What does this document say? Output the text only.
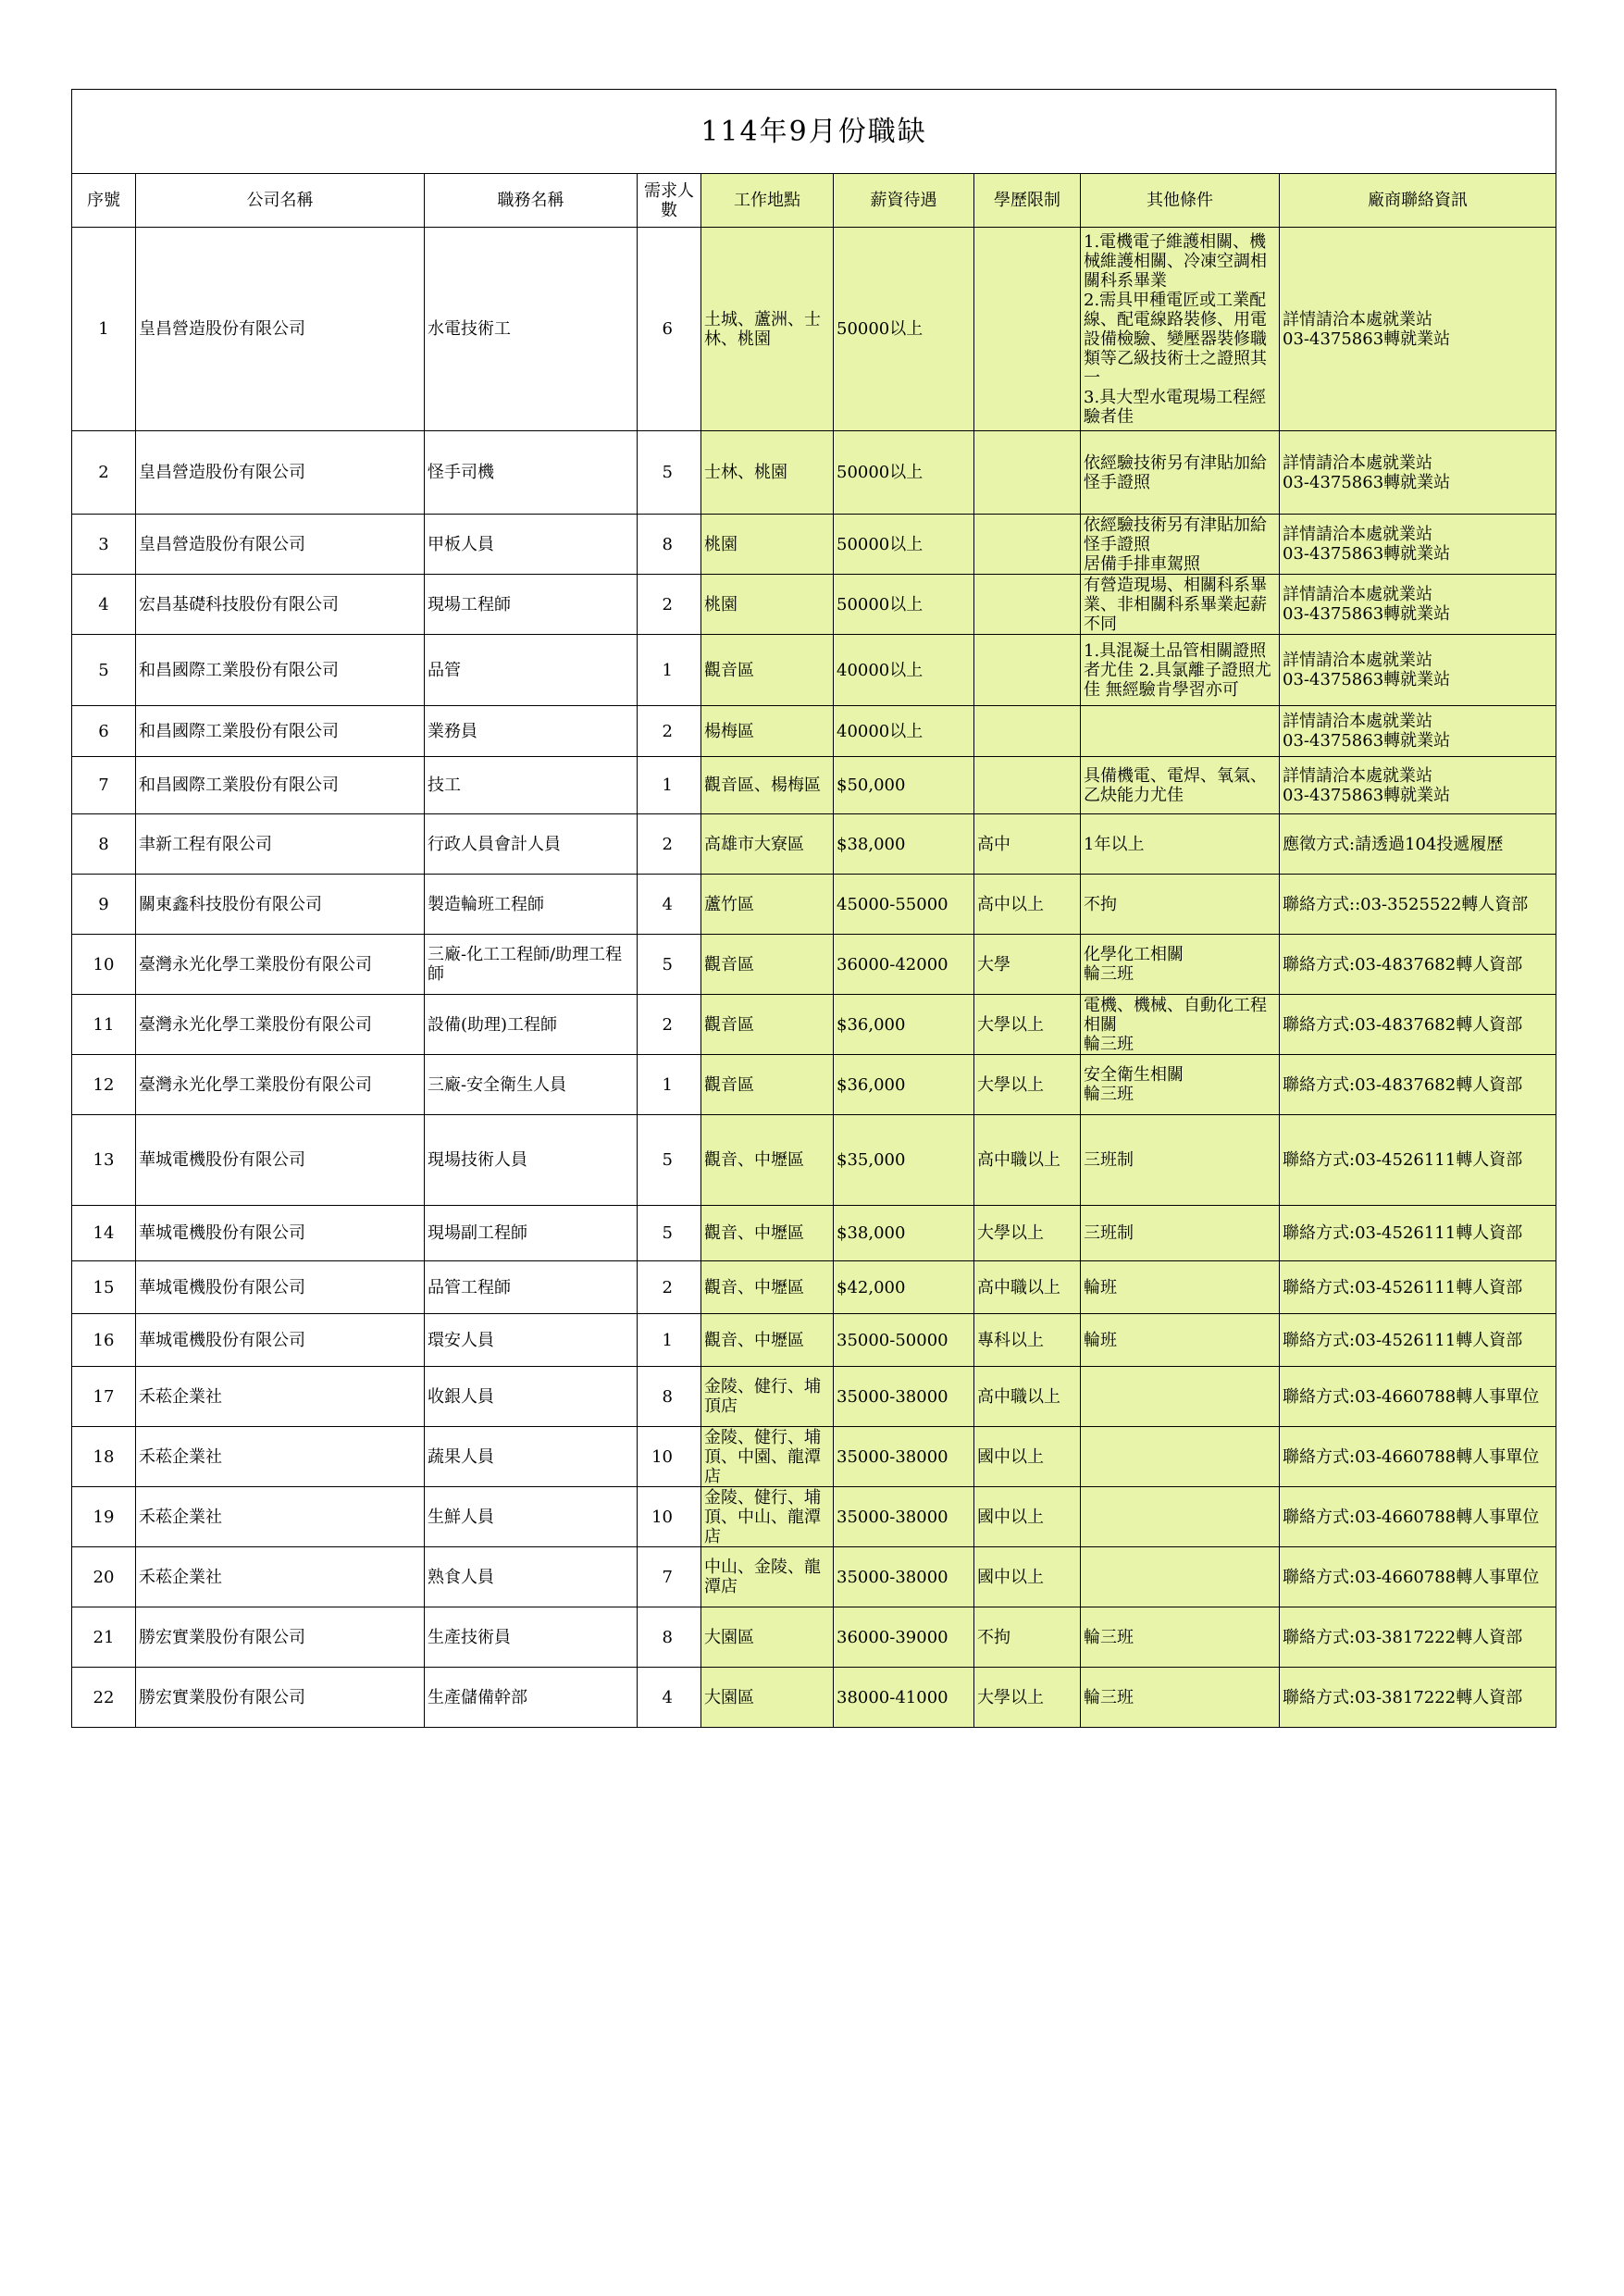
114年9月份職缺								
序號	公司名稱	職務名稱	需求人數	工作地點	薪資待遇	學歷限制	其他條件	廠商聯絡資訊
1	皇昌營造股份有限公司	水電技術工	6	土城、蘆洲、士林、桃園	50000以上		1.電機電子維護相關、機械維護相關、冷凍空調相關科系畢業
2.需具甲種電匠或工業配線、配電線路裝修、用電設備檢驗、變壓器裝修職類等乙級技術士之證照其一
3.具大型水電現場工程經驗者佳	詳情請洽本處就業站
03-4375863轉就業站
2	皇昌營造股份有限公司	怪手司機	5	士林、桃園	50000以上		依經驗技術另有津貼加給
怪手證照	詳情請洽本處就業站
03-4375863轉就業站
3	皇昌營造股份有限公司	甲板人員	8	桃園	50000以上		依經驗技術另有津貼加給 怪手證照
居備手排車駕照	詳情請洽本處就業站
03-4375863轉就業站
4	宏昌基礎科技股份有限公司	現場工程師	2	桃園	50000以上		有營造現場、相關科系畢業、非相關科系畢業起薪不同	詳情請洽本處就業站
03-4375863轉就業站
5	和昌國際工業股份有限公司	品管	1	觀音區	40000以上		1.具混凝土品管相關證照者尤佳 2.具氯離子證照尤佳 無經驗肯學習亦可	詳情請洽本處就業站
03-4375863轉就業站
6	和昌國際工業股份有限公司	業務員	2	楊梅區	40000以上			詳情請洽本處就業站
03-4375863轉就業站
7	和昌國際工業股份有限公司	技工	1	觀音區、楊梅區	$50,000		具備機電、電焊、氧氣、乙炔能力尤佳	詳情請洽本處就業站
03-4375863轉就業站
8	聿新工程有限公司	行政人員會計人員	2	高雄市大寮區	$38,000	高中	1年以上	應徵方式:請透過104投遞履歷
9	關東鑫科技股份有限公司	製造輪班工程師	4	蘆竹區	45000-55000	高中以上	不拘	聯絡方式::03-3525522轉人資部
10	臺灣永光化學工業股份有限公司	三廠-化工工程師/助理工程師	5	觀音區	36000-42000	大學	化學化工相關
輪三班	聯絡方式:03-4837682轉人資部
11	臺灣永光化學工業股份有限公司	設備(助理)工程師	2	觀音區	$36,000	大學以上	電機、機械、自動化工程相關
輪三班	聯絡方式:03-4837682轉人資部
12	臺灣永光化學工業股份有限公司	三廠-安全衛生人員	1	觀音區	$36,000	大學以上	安全衛生相關
輪三班	聯絡方式:03-4837682轉人資部
13	華城電機股份有限公司	現場技術人員	5	觀音、中壢區	$35,000	高中職以上	三班制	聯絡方式:03-4526111轉人資部
14	華城電機股份有限公司	現場副工程師	5	觀音、中壢區	$38,000	大學以上	三班制	聯絡方式:03-4526111轉人資部
15	華城電機股份有限公司	品管工程師	2	觀音、中壢區	$42,000	高中職以上	輪班	聯絡方式:03-4526111轉人資部
16	華城電機股份有限公司	環安人員	1	觀音、中壢區	35000-50000	專科以上	輪班	聯絡方式:03-4526111轉人資部
17	禾菘企業社	收銀人員	8	金陵、健行、埔頂店	35000-38000	高中職以上		聯絡方式:03-4660788轉人事單位
18	禾菘企業社	蔬果人員	10	金陵、健行、埔頂、中園、龍潭店	35000-38000	國中以上		聯絡方式:03-4660788轉人事單位
19	禾菘企業社	生鮮人員	10	金陵、健行、埔頂、中山、龍潭店	35000-38000	國中以上		聯絡方式:03-4660788轉人事單位
20	禾菘企業社	熟食人員	7	中山、金陵、龍潭店	35000-38000	國中以上		聯絡方式:03-4660788轉人事單位
21	勝宏實業股份有限公司	生產技術員	8	大園區	36000-39000	不拘	輪三班	聯絡方式:03-3817222轉人資部
22	勝宏實業股份有限公司	生產儲備幹部	4	大園區	38000-41000	大學以上	輪三班	聯絡方式:03-3817222轉人資部
